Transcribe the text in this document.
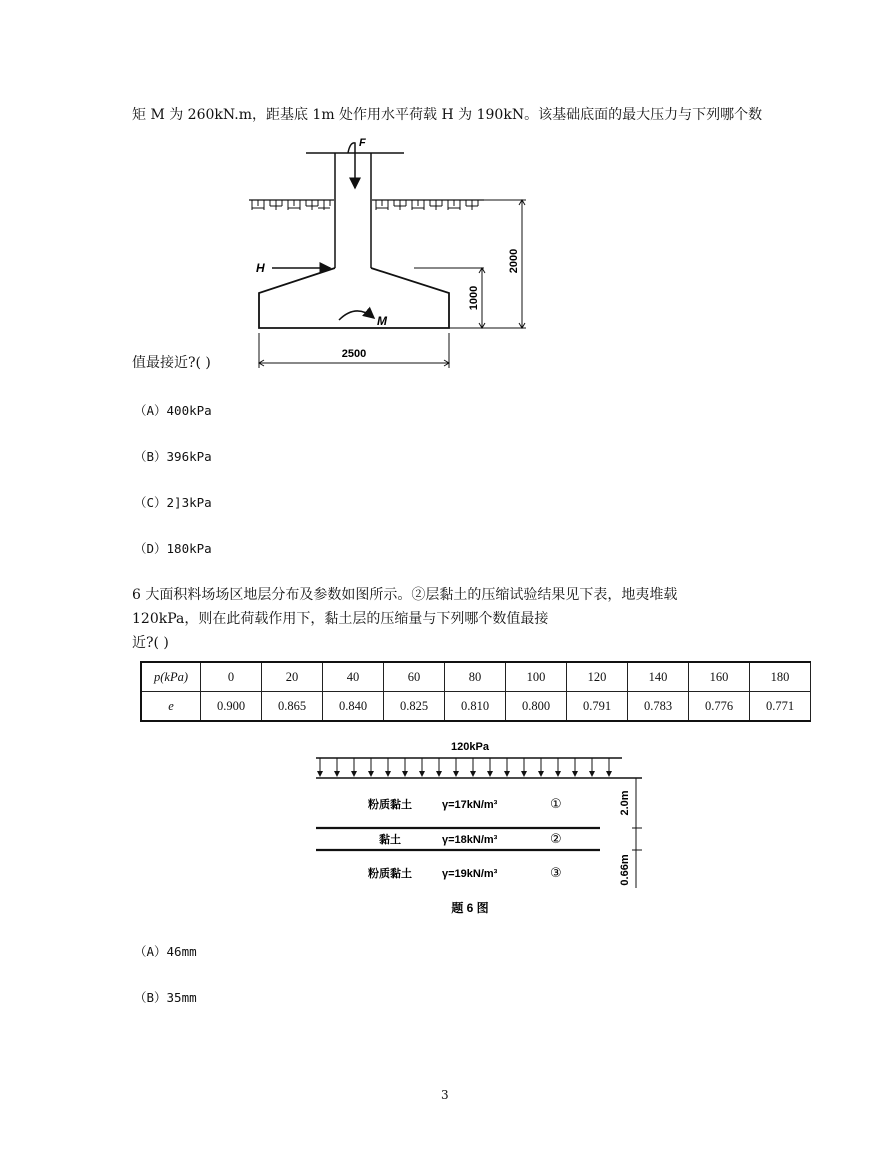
矩 M 为 260kN.m，距基底 1m 处作用水平荷载 H 为 190kN。该基础底面的最大压力与下列哪个数
F
H
M
1000
2000
2500
值最接近?( )
（A）400kPa
（B）396kPa
（C）2]3kPa
（D）180kPa
6 大面积料场场区地层分布及参数如图所示。②层黏土的压缩试验结果见下表，地夷堆载
120kPa，则在此荷载作用下，黏土层的压缩量与下列哪个数值最接
近?( )
p(kPa)	0	20	40	60	80	100	120	140	160	180
e	0.900	0.865	0.840	0.825	0.810	0.800	0.791	0.783	0.776	0.771
120kPa
粉质黏土	γ=17kN/m³	①
黏土	γ=18kN/m³	②
粉质黏土	γ=19kN/m³	③
2.0m
0.66m
题 6 图
（A）46mm
（B）35mm
3
